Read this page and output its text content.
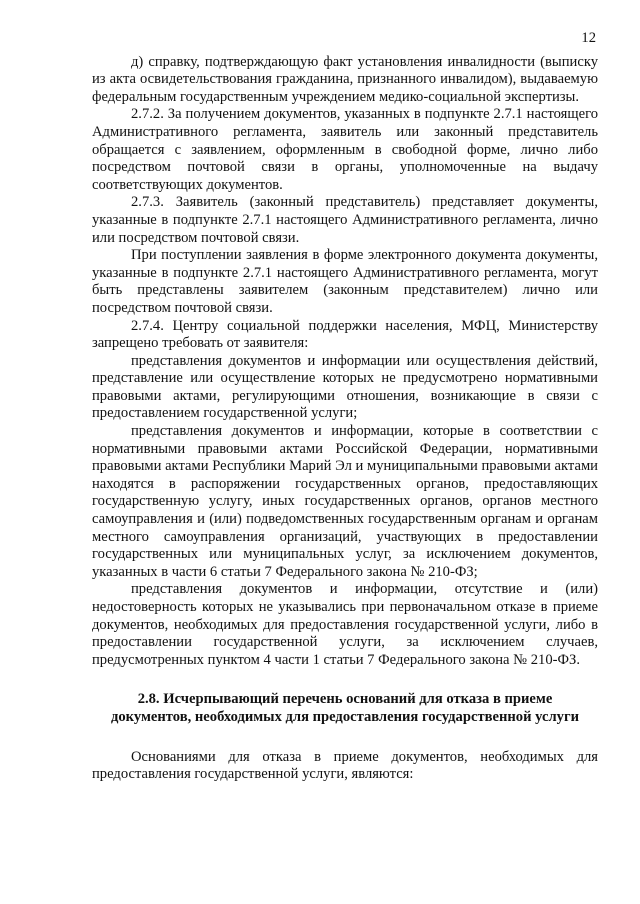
12

д) справку, подтверждающую факт установления инвалидности (выписку из акта освидетельствования гражданина, признанного инвалидом), выдаваемую федеральным государственным учреждением медико-социальной экспертизы.

2.7.2. За получением документов, указанных в подпункте 2.7.1 настоящего Административного регламента, заявитель или законный представитель обращается с заявлением, оформленным в свободной форме, лично либо посредством почтовой связи в органы, уполномоченные на выдачу соответствующих документов.

2.7.3. Заявитель (законный представитель) представляет документы, указанные в подпункте 2.7.1 настоящего Административного регламента, лично или посредством почтовой связи.

При поступлении заявления в форме электронного документа документы, указанные в подпункте 2.7.1 настоящего Административного регламента, могут быть представлены заявителем (законным представителем) лично или посредством почтовой связи.

2.7.4. Центру социальной поддержки населения, МФЦ, Министерству запрещено требовать от заявителя:

представления документов и информации или осуществления действий, представление или осуществление которых не предусмотрено нормативными правовыми актами, регулирующими отношения, возникающие в связи с предоставлением государственной услуги;

представления документов и информации, которые в соответствии с нормативными правовыми актами Российской Федерации, нормативными правовыми актами Республики Марий Эл и муниципальными правовыми актами находятся в распоряжении государственных органов, предоставляющих государственную услугу, иных государственных органов, органов местного самоуправления и (или) подведомственных государственным органам и органам местного самоуправления организаций, участвующих в предоставлении государственных или муниципальных услуг, за исключением документов, указанных в части 6 статьи 7 Федерального закона № 210-ФЗ;

представления документов и информации, отсутствие и (или) недостоверность которых не указывались при первоначальном отказе в приеме документов, необходимых для предоставления государственной услуги, либо в предоставлении государственной услуги, за исключением случаев, предусмотренных пунктом 4 части 1 статьи 7 Федерального закона № 210-ФЗ.

2.8. Исчерпывающий перечень оснований для отказа в приеме
документов, необходимых для предоставления государственной услуги

Основаниями для отказа в приеме документов, необходимых для предоставления государственной услуги, являются:
